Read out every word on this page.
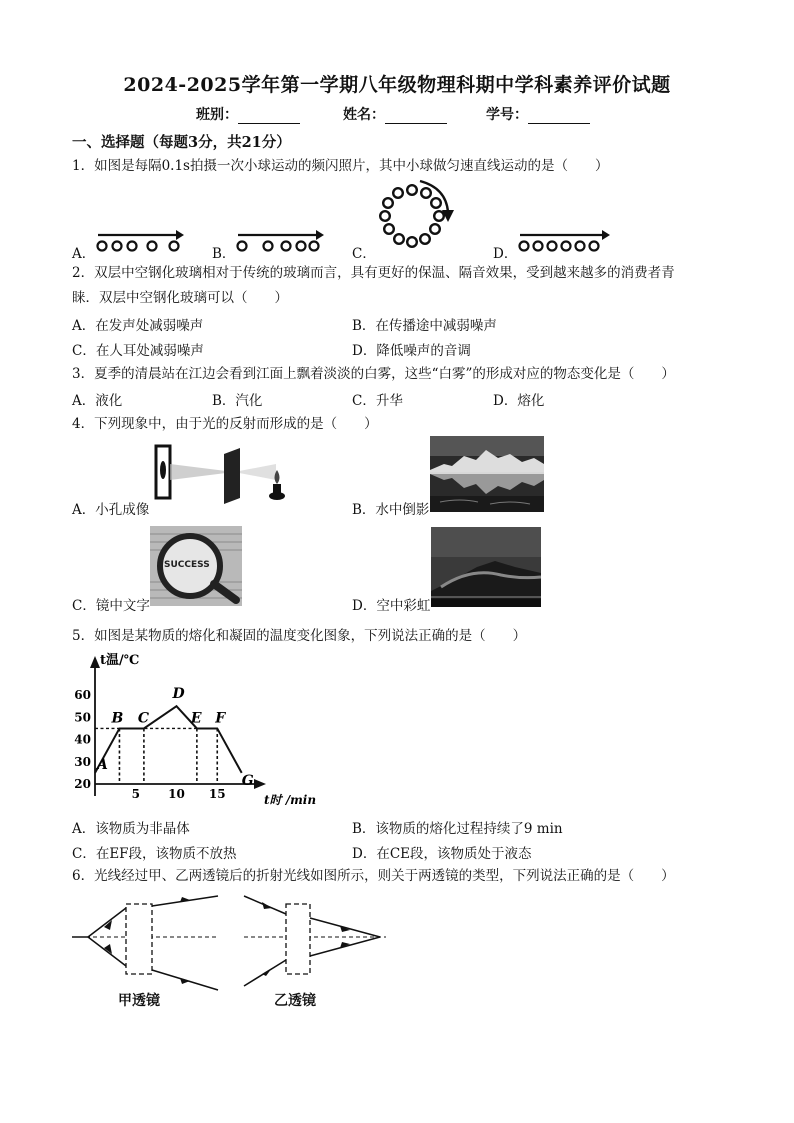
2024-2025学年第一学期八年级物理科期中学科素养评价试题
班别：	姓名：	学号：
一、选择题（每题3分，共21分）
1．如图是每隔0.1s拍摄一次小球运动的频闪照片，其中小球做匀速直线运动的是（　　）
A．	B．	C．	D．
2．双层中空钢化玻璃相对于传统的玻璃而言，具有更好的保温、隔音效果，受到越来越多的消费者青
睐．双层中空钢化玻璃可以（　　）
A．在发声处减弱噪声	B．在传播途中减弱噪声
C．在人耳处减弱噪声	D．降低噪声的音调
3．夏季的清晨站在江边会看到江面上飘着淡淡的白雾，这些“白雾”的形成对应的物态变化是（　　）
A．液化	B．汽化	C．升华	D．熔化
4．下列现象中，由于光的反射而形成的是（　　）
A．小孔成像	B．水中倒影
SUCCESS
C．镜中文字	D．空中彩虹
5．如图是某物质的熔化和凝固的温度变化图象，下列说法正确的是（　　）
t温/℃
t时 /min
20
30
40
50
60
5 10 15
A
B C
D
E F
G
A．该物质为非晶体	B．该物质的熔化过程持续了9 min
C．在EF段，该物质不放热	D．在CE段，该物质处于液态
6．光线经过甲、乙两透镜后的折射光线如图所示，则关于两透镜的类型，下列说法正确的是（　　）
甲透镜	乙透镜
